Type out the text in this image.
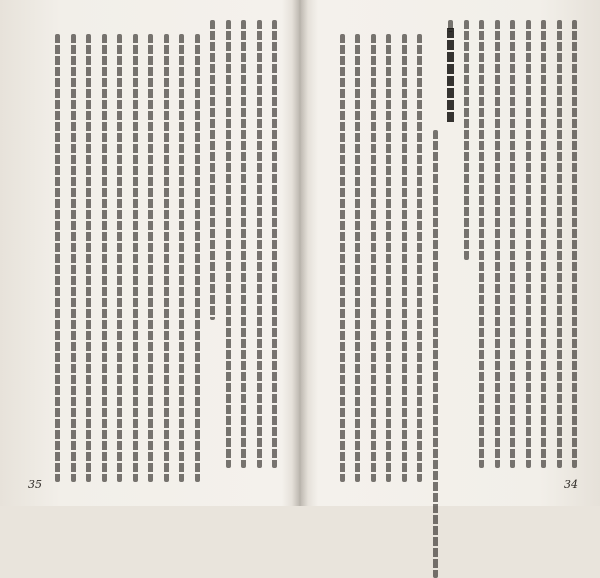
35	34
